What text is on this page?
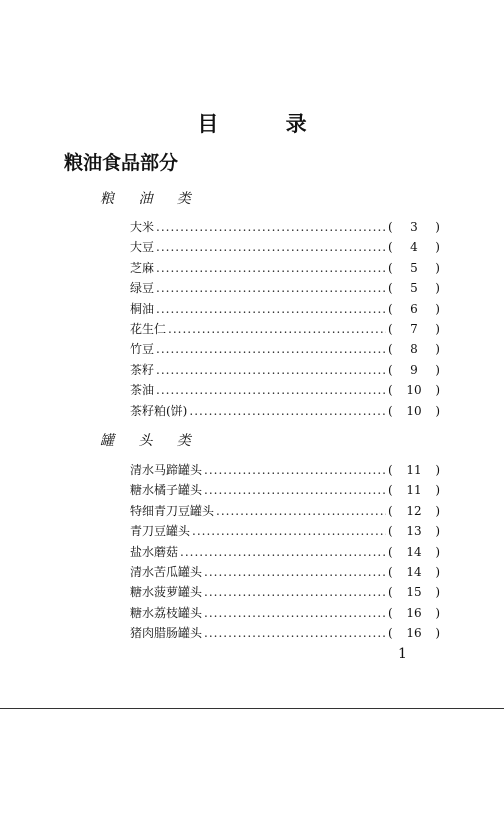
目 录
粮油食品部分
粮 油 类
大米 .....	( 3 )
大豆 .....	( 4 )
芝麻 .....	( 5 )
绿豆 .....	( 5 )
桐油 .....	( 6 )
花生仁 .....	( 7 )
竹豆 .....	( 8 )
茶籽 .....	( 9 )
茶油 .....	( 10 )
茶籽粕(饼) .....	( 10 )
罐 头 类
清水马蹄罐头 .....	( 11 )
糖水橘子罐头 .....	( 11 )
特细青刀豆罐头 .....	( 12 )
青刀豆罐头 .....	( 13 )
盐水蘑菇 .....	( 14 )
清水苦瓜罐头 .....	( 14 )
糖水菠萝罐头 .....	( 15 )
糖水荔枝罐头 .....	( 16 )
猪肉腊肠罐头 .....	( 16 )
1
